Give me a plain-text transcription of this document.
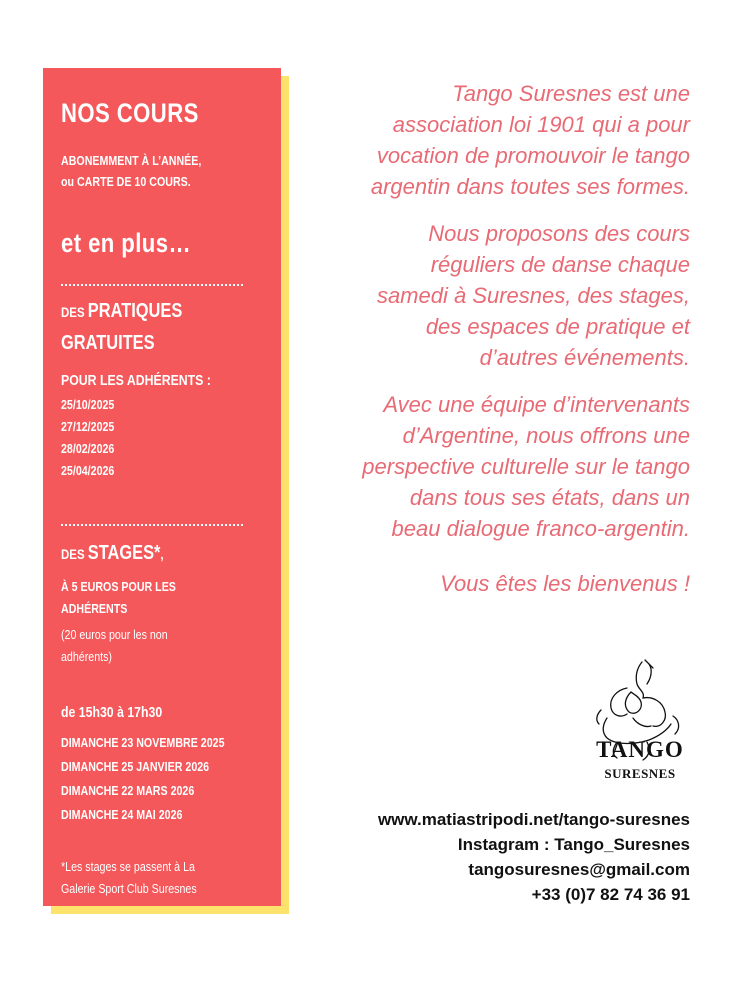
NOS COURS
ABONEMMENT À L’ANNÉE,
ou CARTE DE 10 COURS.
et en plus…
DES PRATIQUES
GRATUITES
POUR LES ADHÉRENTS :
25/10/2025
27/12/2025
28/02/2026
25/04/2026
DES STAGES*,
À 5 EUROS POUR LES
ADHÉRENTS
(20 euros pour les non
adhérents)
de 15h30 à 17h30
DIMANCHE 23 NOVEMBRE 2025
DIMANCHE 25 JANVIER 2026
DIMANCHE 22 MARS 2026
DIMANCHE 24 MAI 2026
*Les stages se passent à La
Galerie Sport Club Suresnes

Tango Suresnes est une
association loi 1901 qui a pour
vocation de promouvoir le tango
argentin dans toutes ses formes.

Nous proposons des cours
réguliers de danse chaque
samedi à Suresnes, des stages,
des espaces de pratique et
d’autres événements.

Avec une équipe d’intervenants
d’Argentine, nous offrons une
perspective culturelle sur le tango
dans tous ses états, dans un
beau dialogue franco-argentin.

Vous êtes les bienvenus !

TANGO
SURESNES
www.matiastripodi.net/tango-suresnes
Instagram : Tango_Suresnes
tangosuresnes@gmail.com
+33 (0)7 82 74 36 91
